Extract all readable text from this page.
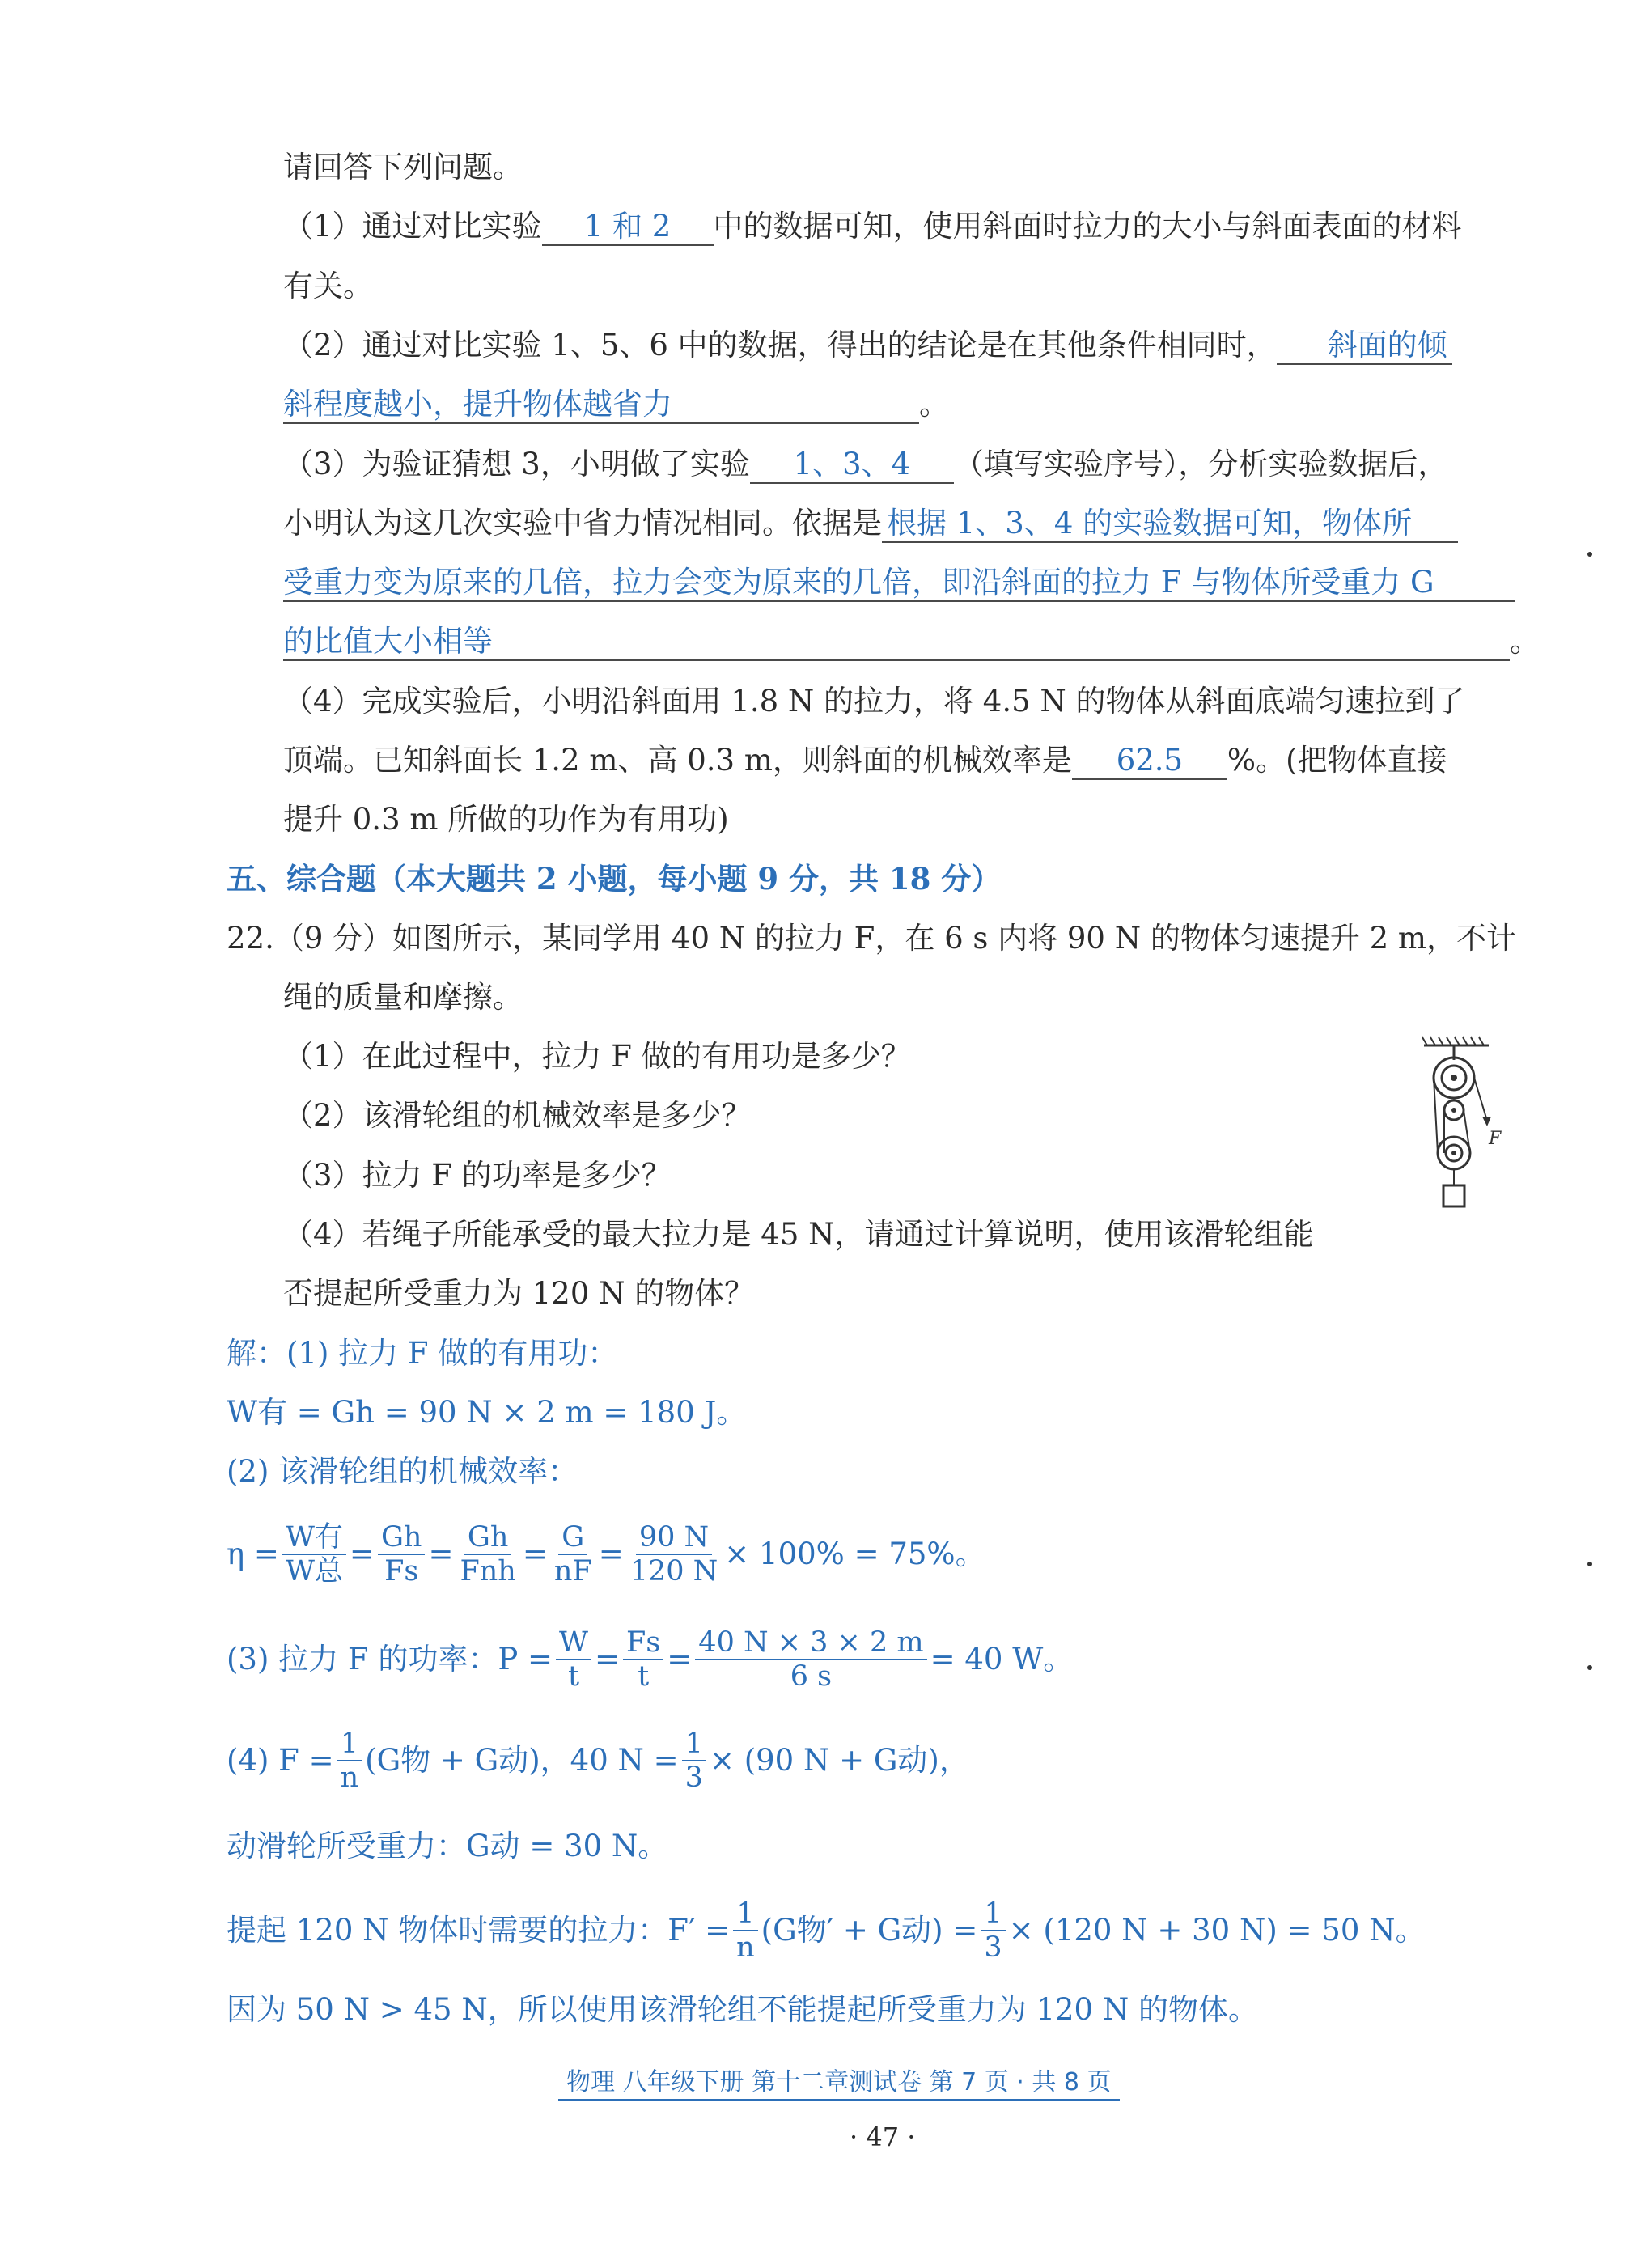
请回答下列问题。
（1）通过对比实验 1 和 2 中的数据可知，使用斜面时拉力的大小与斜面表面的材料
有关。
（2）通过对比实验 1、5、6 中的数据，得出的结论是在其他条件相同时， 斜面的倾
斜程度越小，提升物体越省力	。
（3）为验证猜想 3，小明做了实验 1、3、4 （填写实验序号），分析实验数据后，
小明认为这几次实验中省力情况相同。依据是 根据 1、3、4 的实验数据可知，物体所
受重力变为原来的几倍，拉力会变为原来的几倍，即沿斜面的拉力 F 与物体所受重力 G
的比值大小相等	。
（4）完成实验后，小明沿斜面用 1.8 N 的拉力，将 4.5 N 的物体从斜面底端匀速拉到了
顶端。已知斜面长 1.2 m、高 0.3 m，则斜面的机械效率是 62.5 %。(把物体直接
提升 0.3 m 所做的功作为有用功)
五、综合题（本大题共 2 小题，每小题 9 分，共 18 分）
22.（9 分）如图所示，某同学用 40 N 的拉力 F，在 6 s 内将 90 N 的物体匀速提升 2 m，不计
绳的质量和摩擦。
（1）在此过程中，拉力 F 做的有用功是多少？
（2）该滑轮组的机械效率是多少？
（3）拉力 F 的功率是多少？
（4）若绳子所能承受的最大拉力是 45 N，请通过计算说明，使用该滑轮组能
否提起所受重力为 120 N 的物体？
F
解：(1) 拉力 F 做的有用功：
W有 = Gh = 90 N × 2 m = 180 J。
(2) 该滑轮组的机械效率：
$\eta = \frac{\text{W有}}{\text{W总}} = \frac{Gh}{Fs} = \frac{Gh}{\text{Fnh}} = \frac{G}{nF} = \frac{90 N}{120 N} \times 100\% = 75\%$。
(3) 拉力 F 的功率：$P = \frac{W}{t} = \frac{Fs}{t} = \frac{40 N \times 3 \times 2 m}{6 s} = 40$ W。
(4) $F = \frac{1}{n} (G$物 + G动)，40 $N = \frac{1}{3} \times (90$ N + G动)，
动滑轮所受重力：G动 = 30 N。
提起 120 N 物体时需要的拉力：$F' = \frac{1}{n} (G$物′ + G动) = $\frac{1}{3} \times (120$ N + 30 N) = 50 N。
因为 50 N > 45 N，所以使用该滑轮组不能提起所受重力为 120 N 的物体。
物理 八年级下册 第十二章测试卷 第 7 页 · 共 8 页
· 47 ·
